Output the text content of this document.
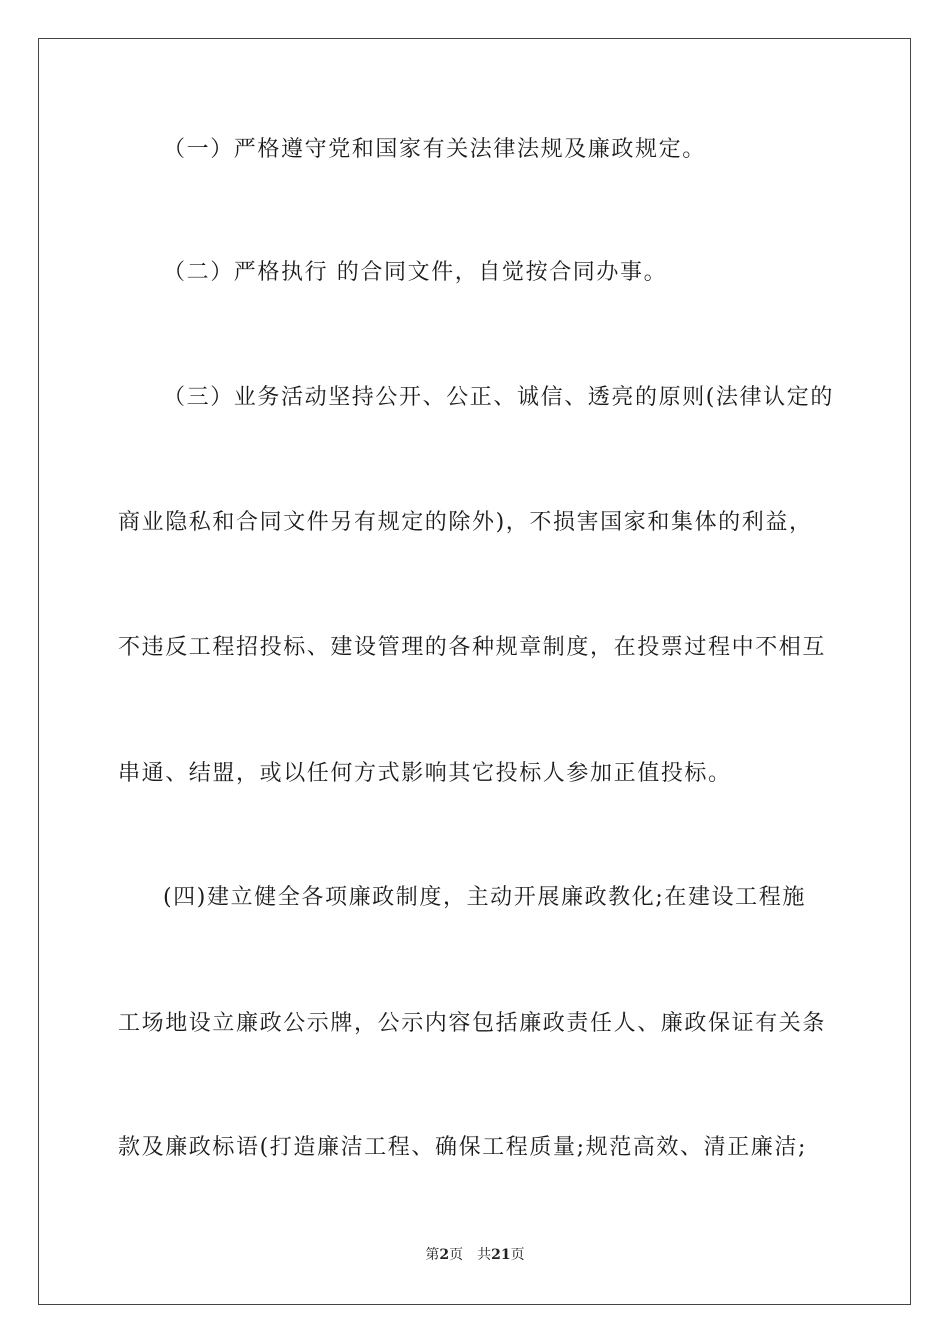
（一）严格遵守党和国家有关法律法规及廉政规定。
（二）严格执行 的合同文件，自觉按合同办事。
（三）业务活动坚持公开、公正、诚信、透亮的原则(法律认定的
商业隐私和合同文件另有规定的除外)，不损害国家和集体的利益，
不违反工程招投标、建设管理的各种规章制度，在投票过程中不相互
串通、结盟，或以任何方式影响其它投标人参加正值投标。
(四)建立健全各项廉政制度，主动开展廉政教化;在建设工程施
工场地设立廉政公示牌，公示内容包括廉政责任人、廉政保证有关条
款及廉政标语(打造廉洁工程、确保工程质量;规范高效、清正廉洁;
第2页 共21页
